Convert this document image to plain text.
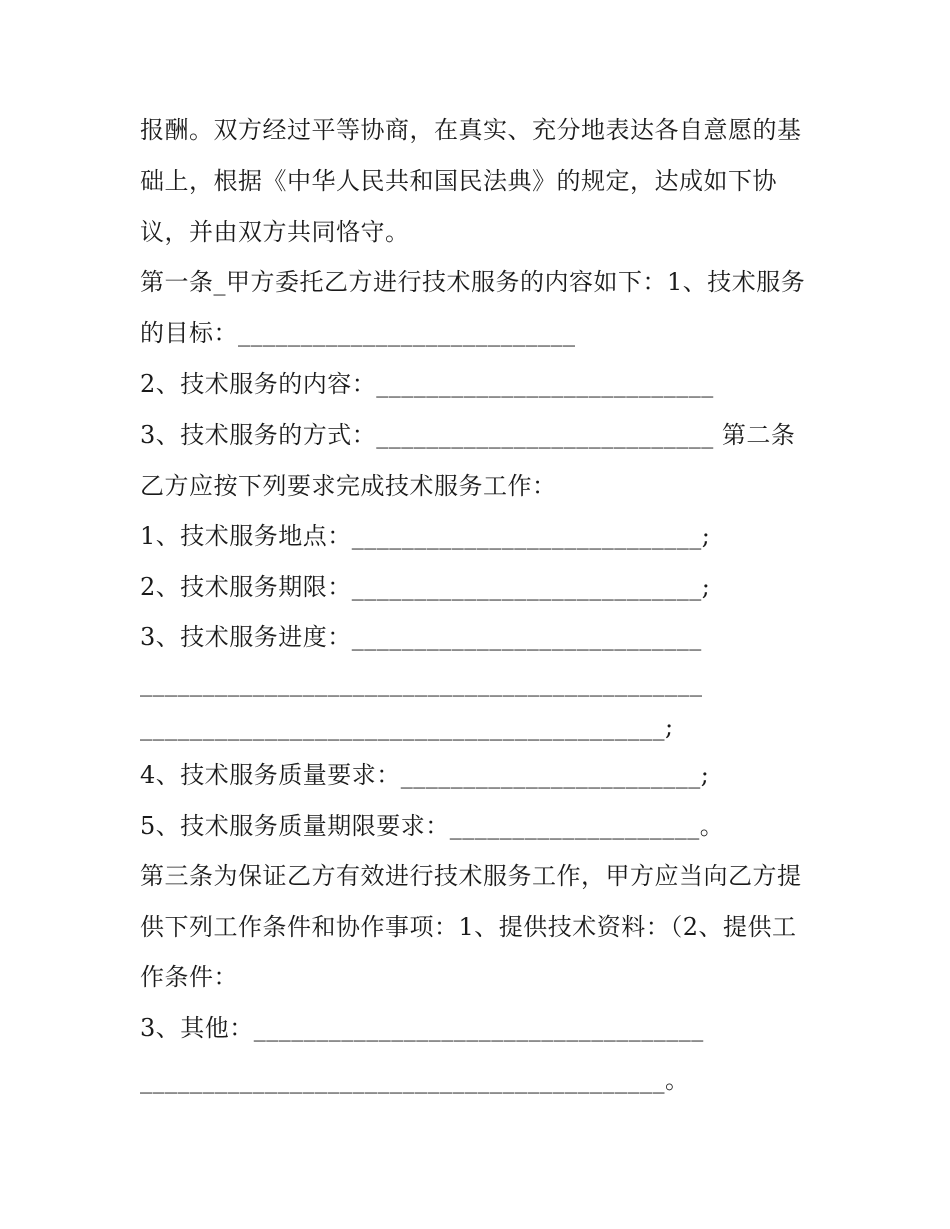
报酬。双方经过平等协商，在真实、充分地表达各自意愿的基
础上，根据《中华人民共和国民法典》的规定，达成如下协
议，并由双方共同恪守。
第一条_甲方委托乙方进行技术服务的内容如下：1、技术服务
的目标：___________________________
2、技术服务的内容：___________________________
3、技术服务的方式：___________________________ 第二条
乙方应按下列要求完成技术服务工作：
1、技术服务地点：____________________________;
2、技术服务期限：____________________________;
3、技术服务进度：____________________________
_____________________________________________
__________________________________________;
4、技术服务质量要求：________________________;
5、技术服务质量期限要求：____________________。
第三条为保证乙方有效进行技术服务工作，甲方应当向乙方提
供下列工作条件和协作事项：1、提供技术资料：（2、提供工
作条件：
3、其他：____________________________________
__________________________________________。
